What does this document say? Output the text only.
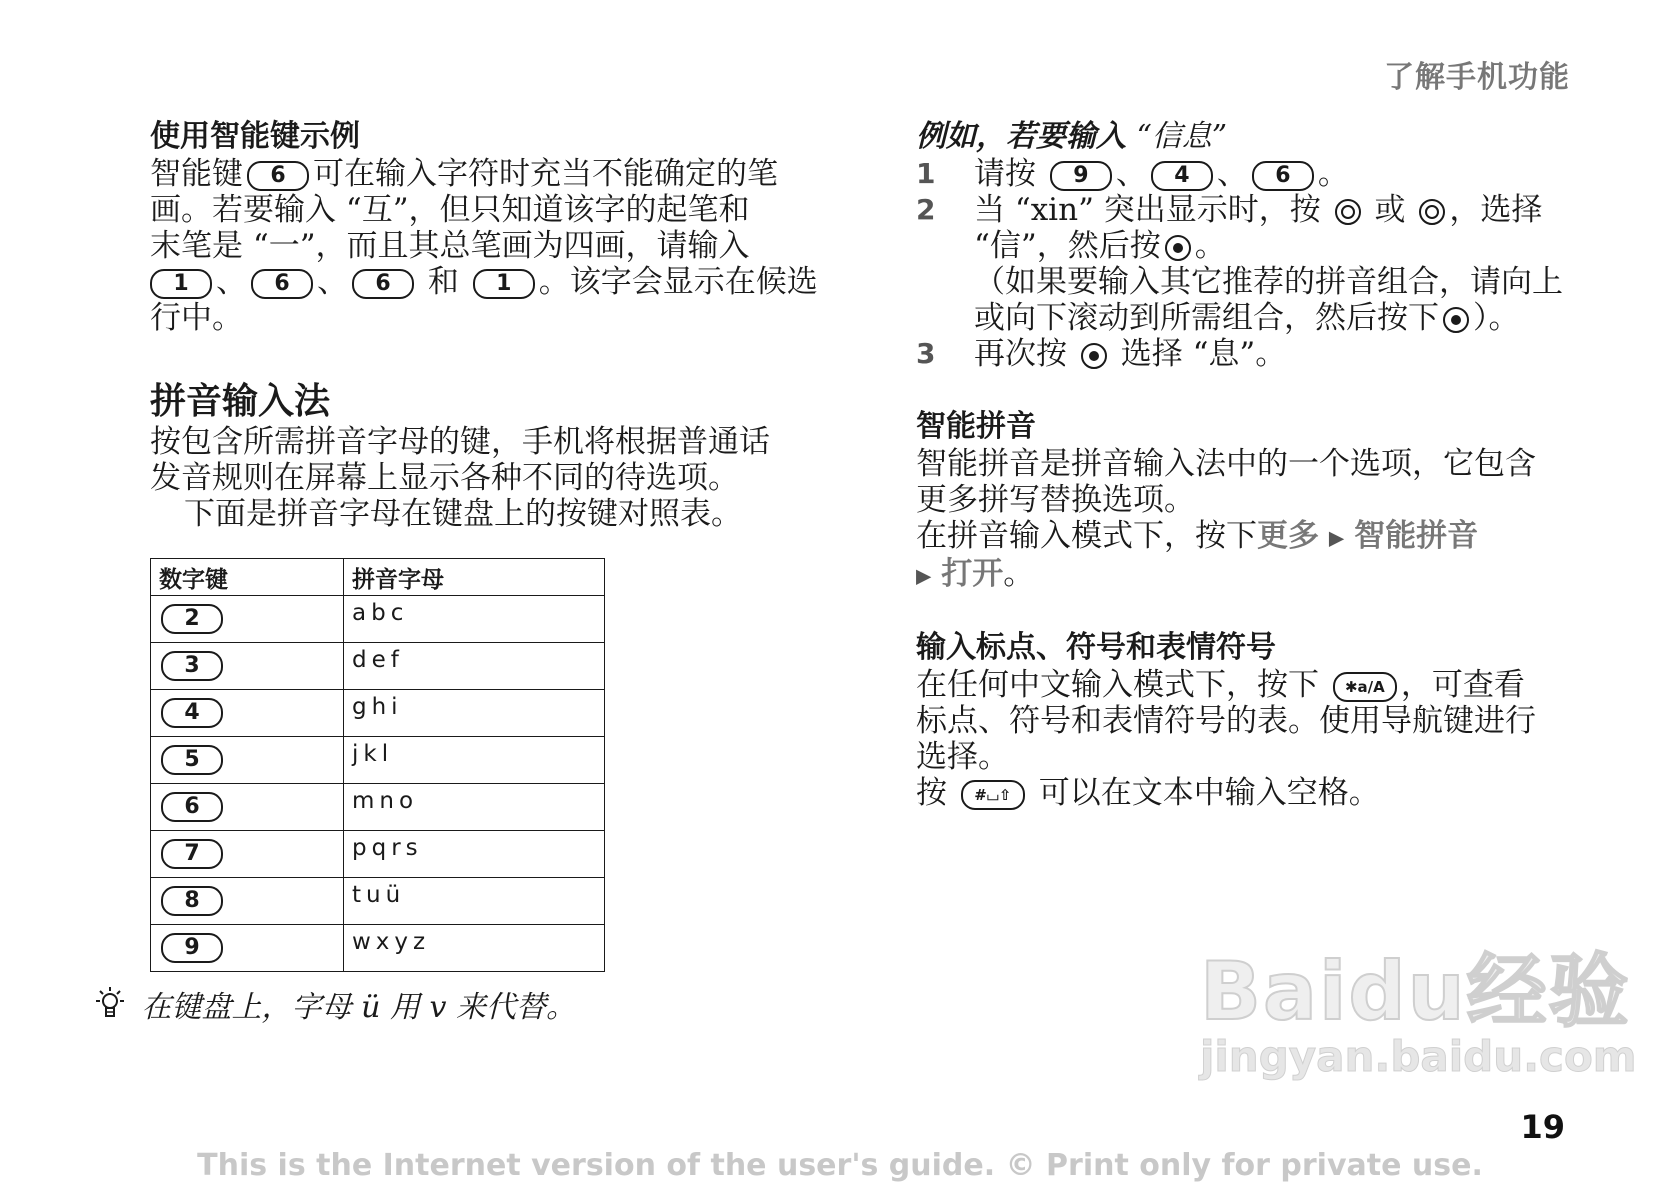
了解手机功能
使用智能键示例
智能键 6 可在输入字符时充当不能确定的笔
画。若要输入 “互”，但只知道该字的起笔和
末笔是 “一”，而且其总笔画为四画，请输入
1 、 6 、 6 和 1 。该字会显示在候选
行中。
拼音输入法
按包含所需拼音字母的键，手机将根据普通话
发音规则在屏幕上显示各种不同的待选项。
下面是拼音字母在键盘上的按键对照表。
数字键	拼音字母
2	abc
3	def
4	ghi
5	jkl
6	mno
7	pqrs
8	tuü
9	wxyz
在键盘上，字母 ü 用 v 来代替。
例如，若要输入 “信息”
1	请按 9 、 4 、 6 。
2	当 “xin” 突出显示时，按 或 ，选择
“信”，然后按 。
（如果要输入其它推荐的拼音组合，请向上
或向下滚动到所需组合，然后按下 ）。
3	再次按 选择 “息”。
智能拼音
智能拼音是拼音输入法中的一个选项，它包含
更多拼写替换选项。
在拼音输入模式下，按下更多 ▶ 智能拼音
▶ 打开。
输入标点、符号和表情符号
在任何中文输入模式下，按下 ✱a/A ，可查看
标点、符号和表情符号的表。使用导航键进行
选择。
按 #⌴⇧ 可以在文本中输入空格。
Baidu经验
jingyan.baidu.com
19
This is the Internet version of the user's guide. © Print only for private use.
